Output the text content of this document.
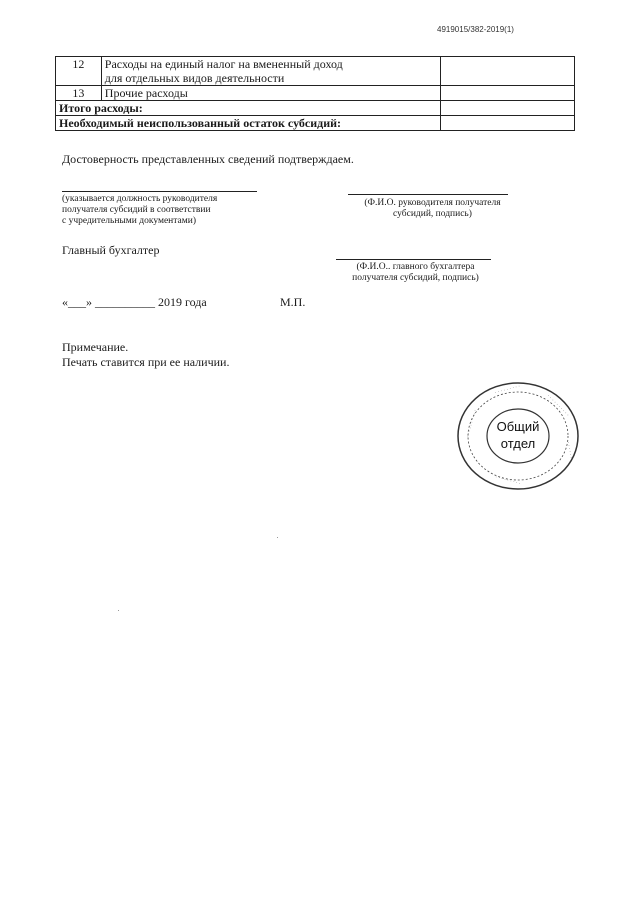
4919015/382-2019(1)
12	Расходы на единый налог на вмененный доход
для отдельных видов деятельности	

13	Прочие расходы	

Итого расходы:		
Необходимый неиспользованный остаток субсидий:		
Достоверность представленных сведений подтверждаем.
(указывается должность руководителя
получателя субсидий в соответствии
с учредительными документами)
(Ф.И.О. руководителя получателя
субсидий, подпись)
Главный бухгалтер
(Ф.И.О.. главного бухгалтера
получателя субсидий, подпись)
«___» __________ 2019 года	М.П.
Примечание.
Печать ставится при ее наличии.
· · · · · · · · · ·
· · · · · · · · ·
· · · · · · · · · ·
· · · · · · ·
· · · · · · · · ·
Общий
отдел
